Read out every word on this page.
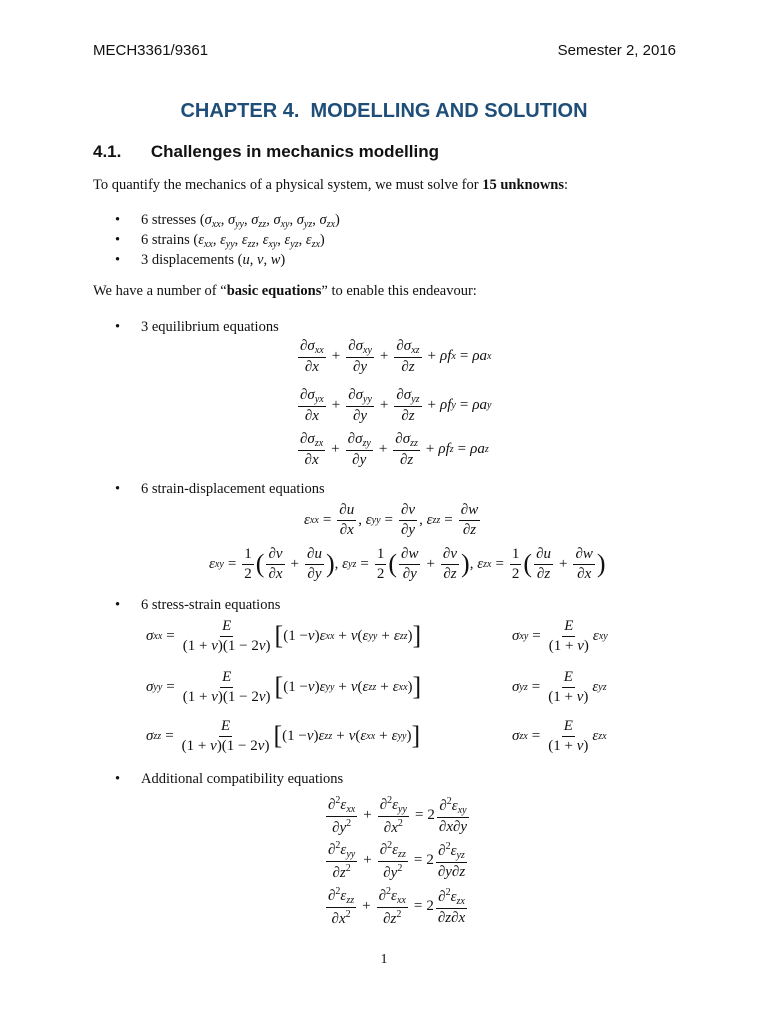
MECH3361/9361	Semester 2, 2016
CHAPTER 4. MODELLING AND SOLUTION
4.1. Challenges in mechanics modelling
To quantify the mechanics of a physical system, we must solve for 15 unknowns:
• 6 stresses ($\sigma_{xx}$, $\sigma_{yy}$, $\sigma_{zz}$, $\sigma_{xy}$, $\sigma_{yz}$, $\sigma_{zx}$)
• 6 strains ($\varepsilon_{xx}$, $\varepsilon_{yy}$, $\varepsilon_{zz}$, $\varepsilon_{xy}$, $\varepsilon_{yz}$, $\varepsilon_{zx}$)
• 3 displacements (u, v, w)
We have a number of “basic equations” to enable this endeavour:
• 3 equilibrium equations
$\frac{\partial\sigma_{xx}}{\partial x} + \frac{\partial\sigma_{xy}}{\partial y} + \frac{\partial\sigma_{xz}}{\partial z} + \rho f$ x = ρa x
$\frac{\partial\sigma_{yx}}{\partial x} + \frac{\partial\sigma_{yy}}{\partial y} + \frac{\partial\sigma_{yz}}{\partial z} + \rho f$ y = ρa y
$\frac{\partial\sigma_{zx}}{\partial x} + \frac{\partial\sigma_{zy}}{\partial y} + \frac{\partial\sigma_{zz}}{\partial z} + \rho f$ z = ρa z
• 6 strain-displacement equations
ε xx = $\frac{\partial u}{\partial x}$ , ε yy = $\frac{\partial v}{\partial y}$ , ε zz = $\frac{\partial w}{\partial z}$
ε xy = $\frac{1}{2}$ ( $\frac{\partial v}{\partial x} + \frac{\partial u}{\partial y}$ ) , ε yz = $\frac{1}{2}$ ( $\frac{\partial w}{\partial y} + \frac{\partial v}{\partial z}$ ) , ε zx = $\frac{1}{2}$ ( $\frac{\partial u}{\partial z} + \frac{\partial w}{\partial x}$ )
• 6 stress-strain equations
σ xx = $\frac{E}{(1 + \nu)(1 - 2\nu)}$ [ (1 − ν ) ε xx + ν ( ε yy + ε zz ) ]	σ xy = $\frac{E}{(1 + \nu)}$ ε xy
σ yy = $\frac{E}{(1 + \nu)(1 - 2\nu)}$ [ (1 − ν ) ε yy + ν ( ε zz + ε xx ) ]	σ yz = $\frac{E}{(1 + \nu)}$ ε yz
σ zz = $\frac{E}{(1 + \nu)(1 - 2\nu)}$ [ (1 − ν ) ε zz + ν ( ε xx + ε yy ) ]	σ zx = $\frac{E}{(1 + \nu)}$ ε zx
• Additional compatibility equations
$\frac{\partial^2\varepsilon_{xx}}{\partial y^2} + \frac{\partial^2\varepsilon_{yy}}{\partial x^2} = 2 \frac{\partial^2\varepsilon_{xy}}{\partial x\partial y}$
$\frac{\partial^2\varepsilon_{yy}}{\partial z^2} + \frac{\partial^2\varepsilon_{zz}}{\partial y^2} = 2 \frac{\partial^2\varepsilon_{yz}}{\partial y\partial z}$
$\frac{\partial^2\varepsilon_{zz}}{\partial x^2} + \frac{\partial^2\varepsilon_{xx}}{\partial z^2} = 2 \frac{\partial^2\varepsilon_{zx}}{\partial z\partial x}$
1
